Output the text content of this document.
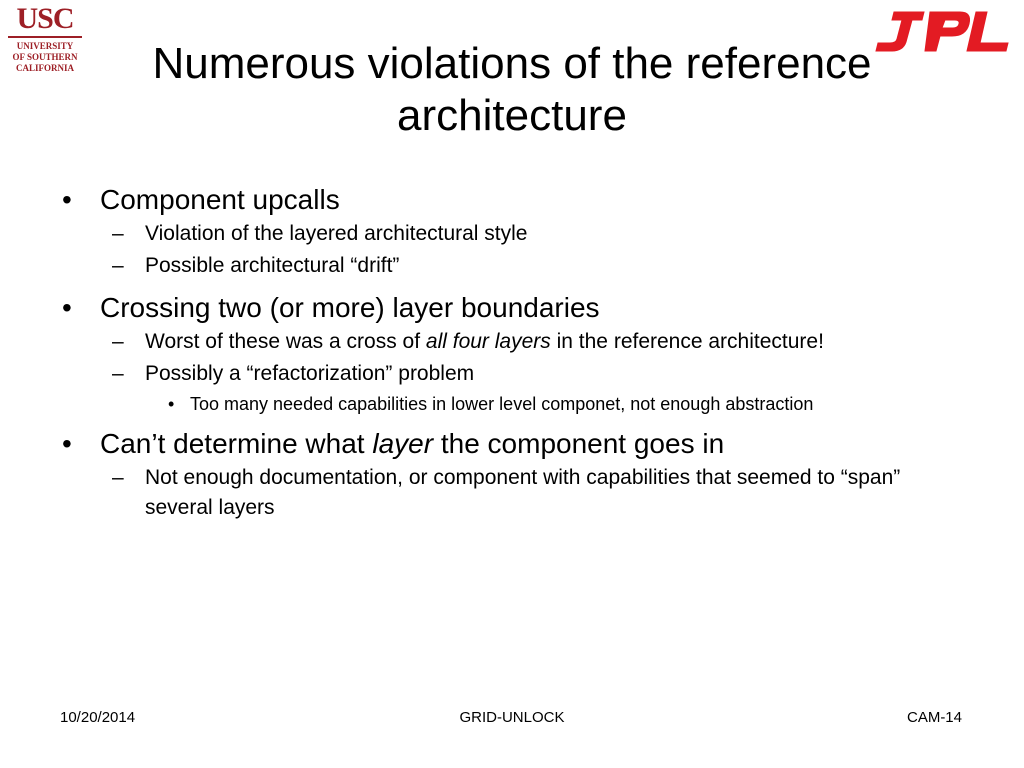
USC
UNIVERSITY
OF SOUTHERN
CALIFORNIA	Numerous violations of the reference architecture
• Component upcalls
– Violation of the layered architectural style
– Possible architectural “drift”
• Crossing two (or more) layer boundaries
– Worst of these was a cross of all four layers in the reference architecture!
– Possibly a “refactorization” problem
• Too many needed capabilities in lower level componet, not enough abstraction
• Can’t determine what layer the component goes in
– Not enough documentation, or component with capabilities that seemed to “span” several layers
10/20/2014	GRID-UNLOCK	CAM-14
